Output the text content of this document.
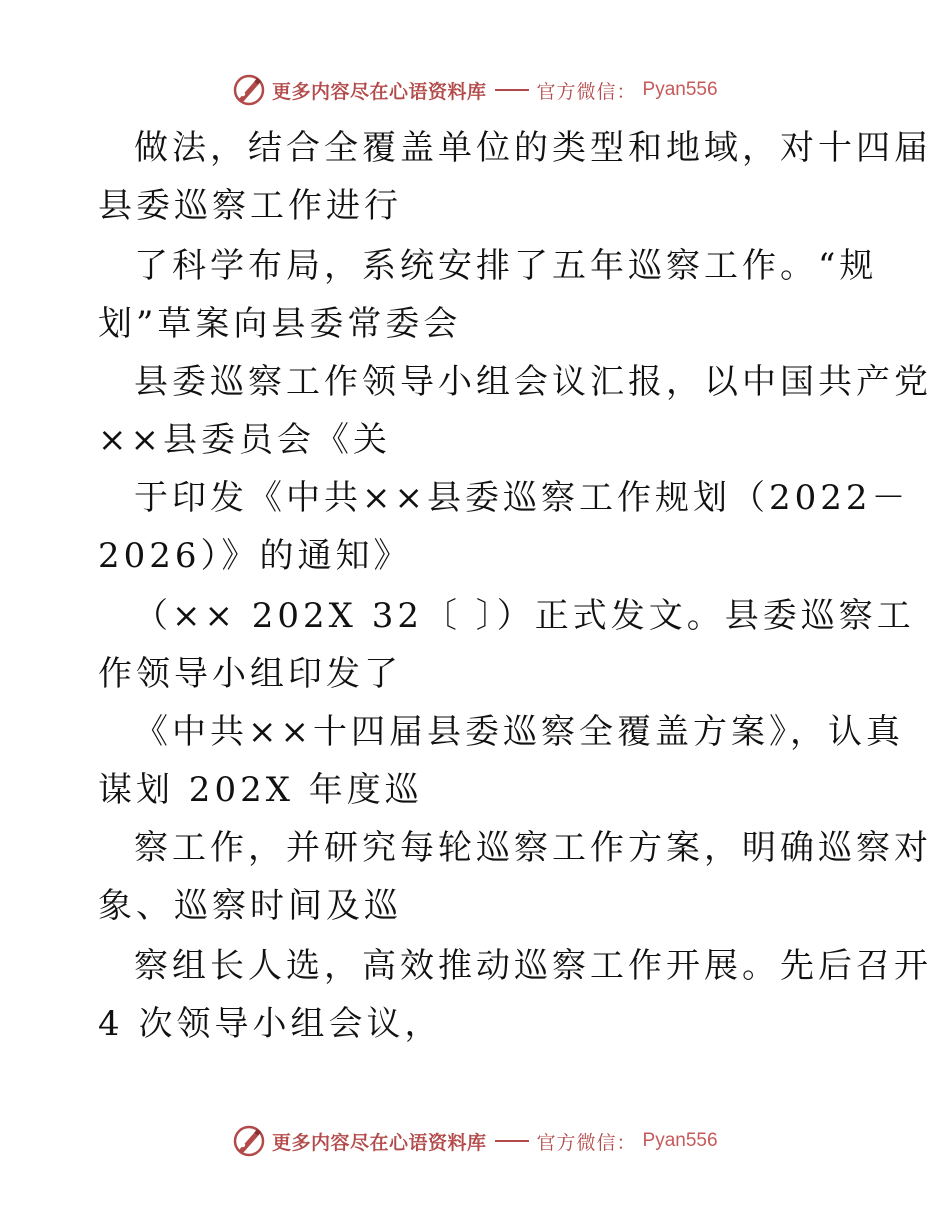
更多内容尽在心语资料库	官方微信： Pyan556
做法，结合全覆盖单位的类型和地域，对十四届
县委巡察工作进行
了科学布局，系统安排了五年巡察工作。“规
划”草案向县委常委会
县委巡察工作领导小组会议汇报，以中国共产党
××县委员会《关
于印发《中共××县委巡察工作规划（2022－
2026）》的通知》
（×× 202X 32〔 〕）正式发文。县委巡察工
作领导小组印发了
《中共××十四届县委巡察全覆盖方案》，认真
谋划 202X 年度巡
察工作，并研究每轮巡察工作方案，明确巡察对
象、巡察时间及巡
察组长人选，高效推动巡察工作开展。先后召开
4 次领导小组会议，
更多内容尽在心语资料库	官方微信： Pyan556
